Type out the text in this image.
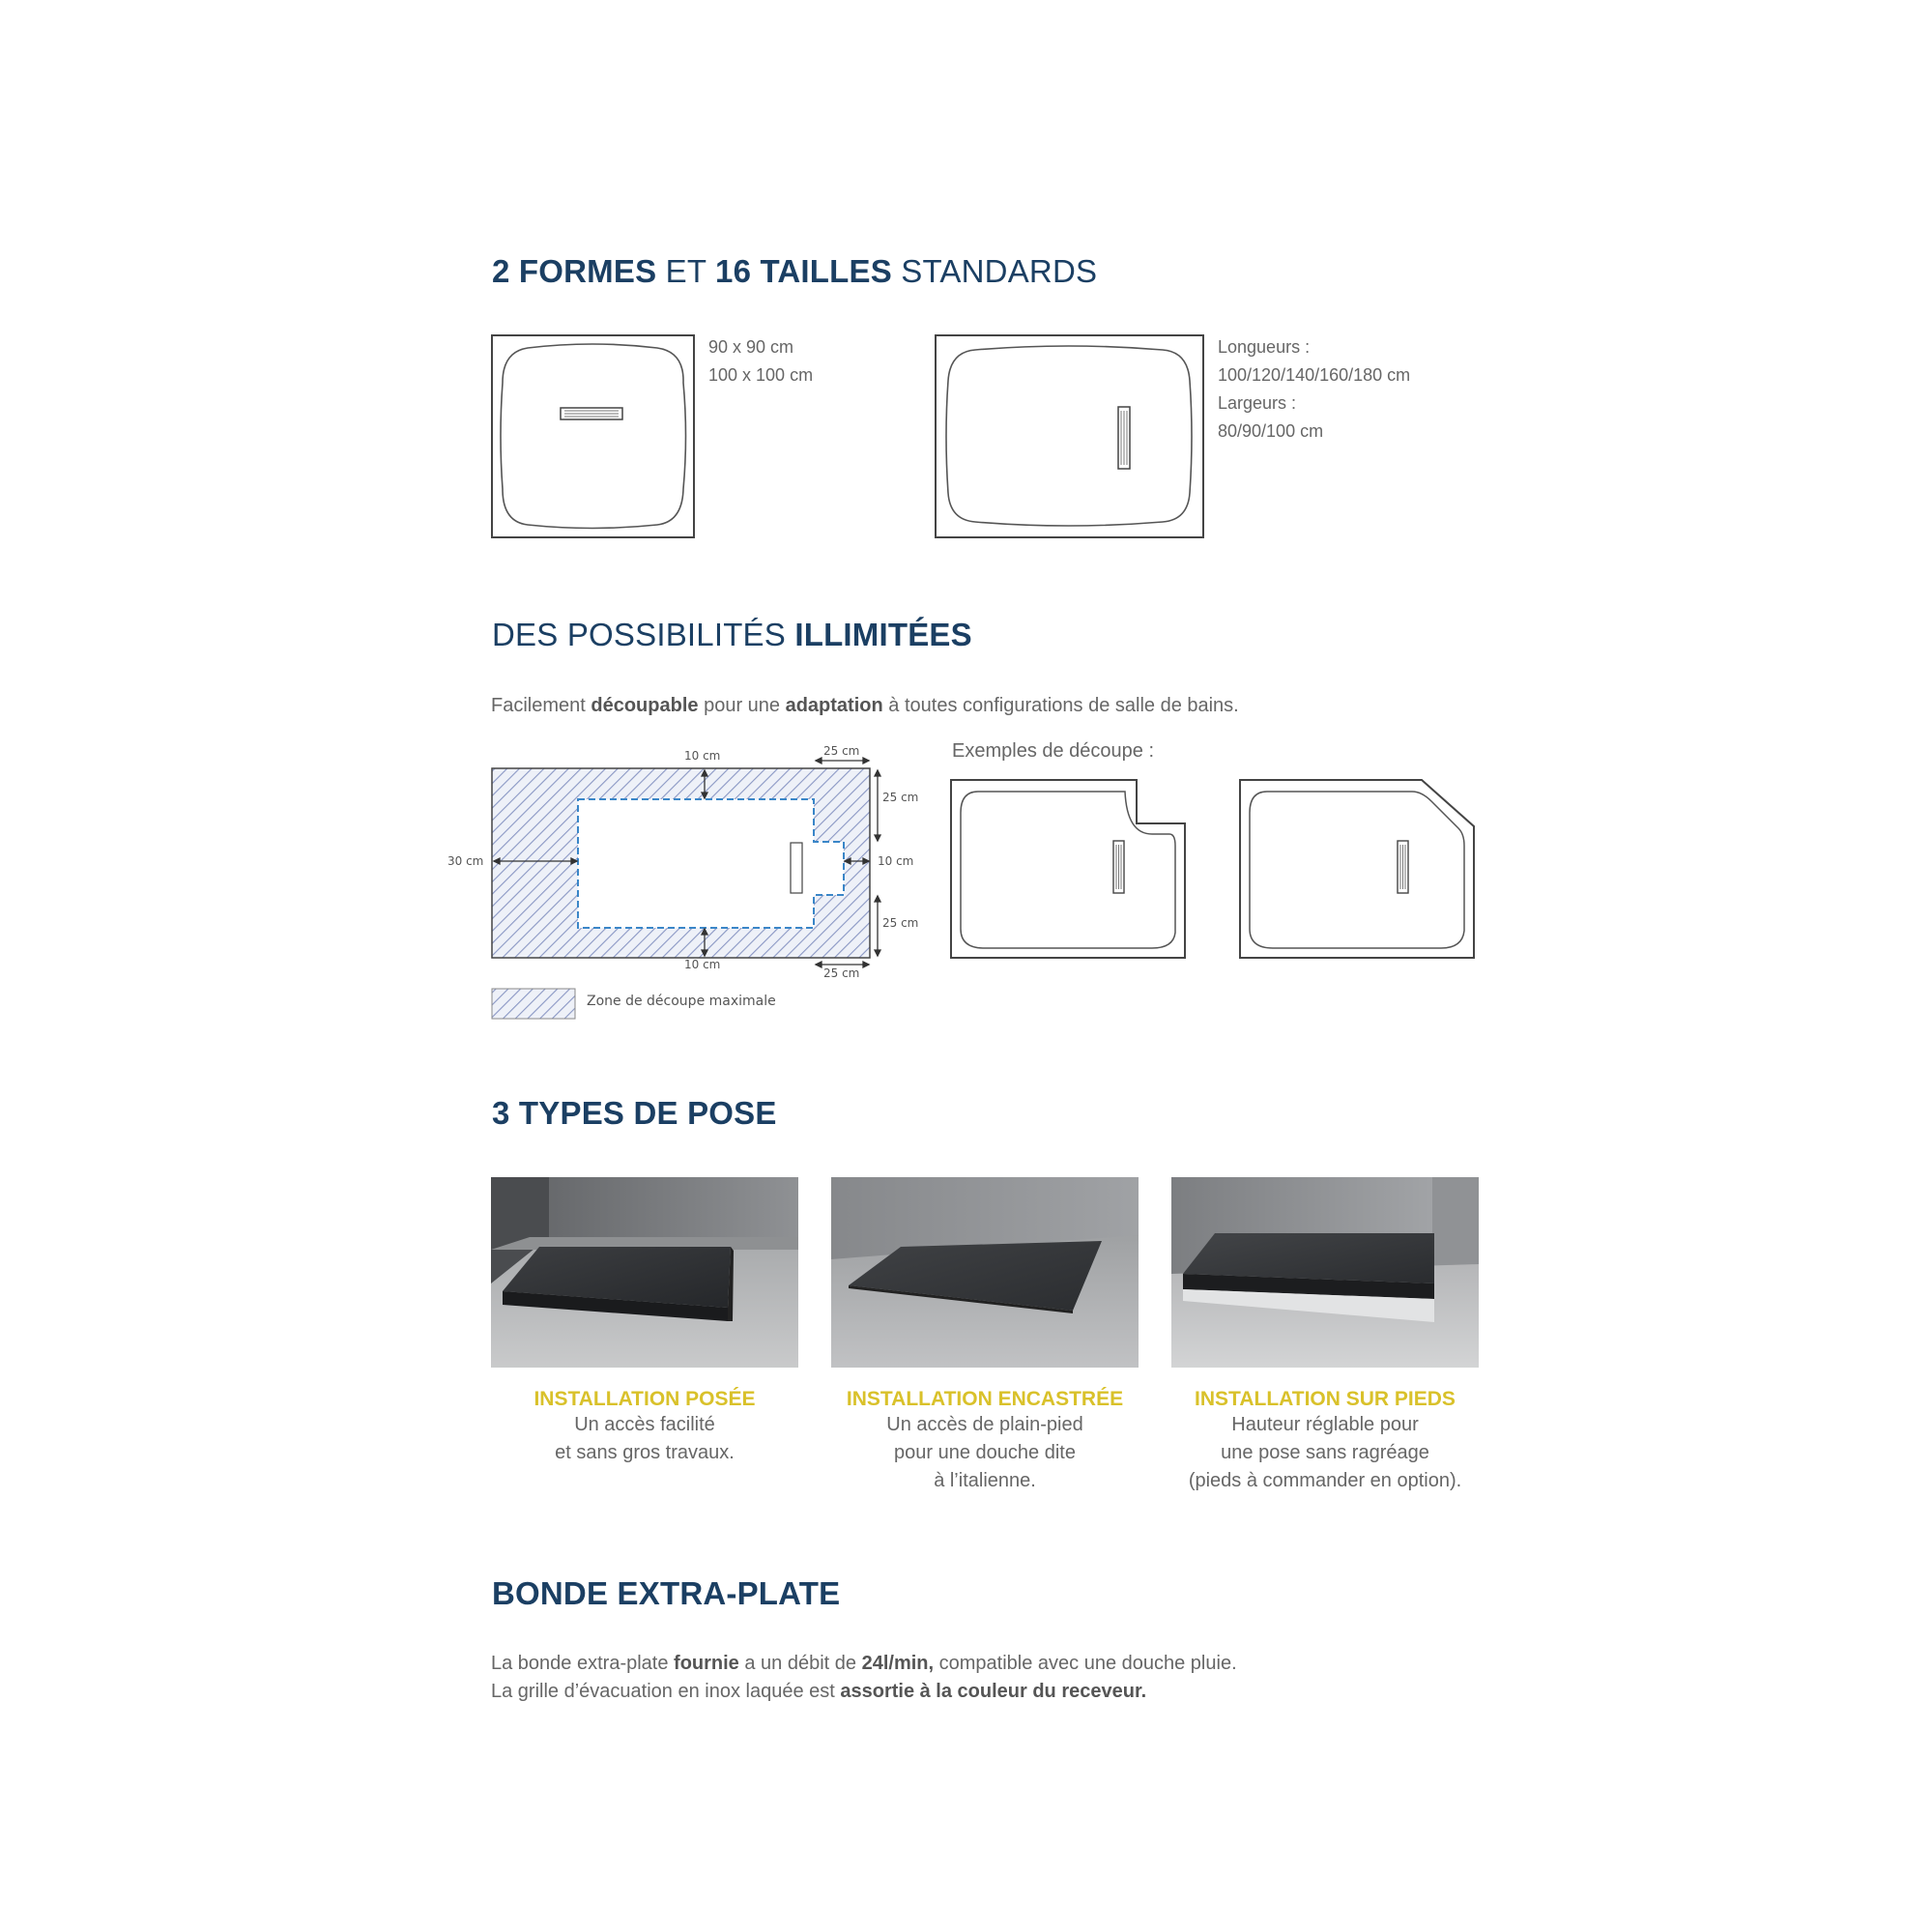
2 FORMES ET 16 TAILLES STANDARDS
90 x 90 cm
100 x 100 cm
Longueurs :
100/120/140/160/180 cm
Largeurs :
80/90/100 cm
DES POSSIBILITÉS ILLIMITÉES
Facilement découpable pour une adaptation à toutes configurations de salle de bains.
10 cm	25 cm
25 cm
30 cm	10 cm
25 cm
10 cm
25 cm
Zone de découpe maximale
Exemples de découpe :
3 TYPES DE POSE
INSTALLATION POSÉE
Un accès facilité
et sans gros travaux.
INSTALLATION ENCASTRÉE
Un accès de plain-pied
pour une douche dite
à l’italienne.
INSTALLATION SUR PIEDS
Hauteur réglable pour
une pose sans ragréage
(pieds à commander en option).
BONDE EXTRA-PLATE
La bonde extra-plate fournie a un débit de 24l/min, compatible avec une douche pluie.
La grille d’évacuation en inox laquée est assortie à la couleur du receveur.
